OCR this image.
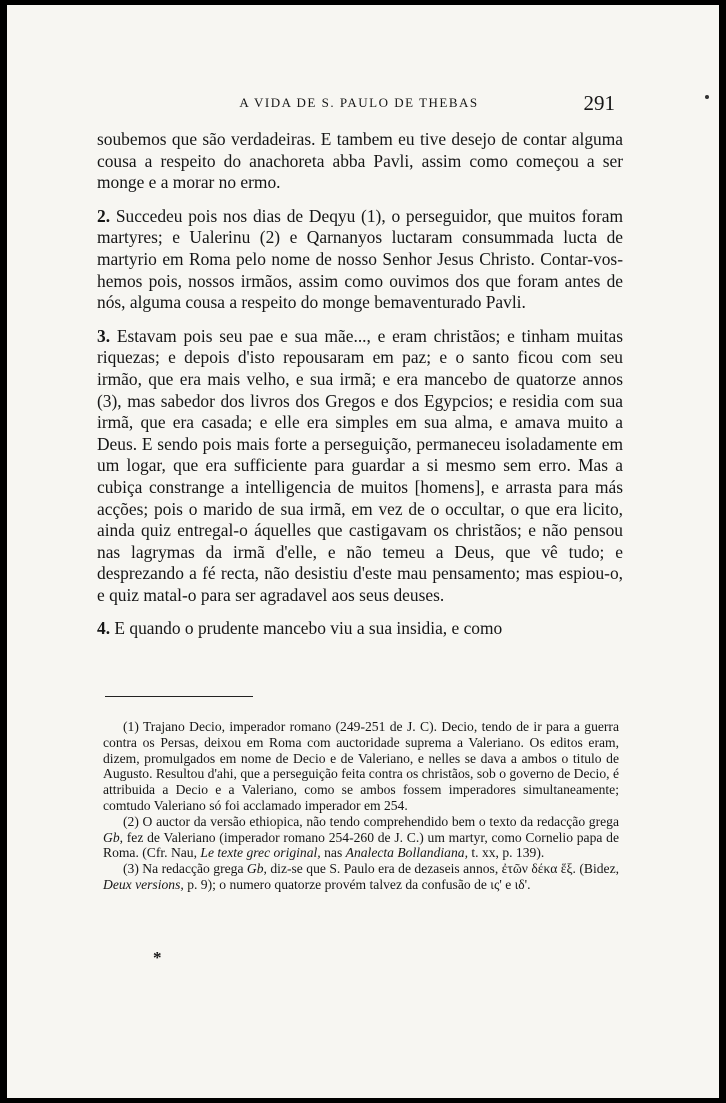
A VIDA DE S. PAULO DE THEBAS	291

soubemos que são verdadeiras. E tambem eu tive desejo de contar alguma cousa a respeito do anachoreta abba Pavli, assim como começou a ser monge e a morar no ermo.

2. Succedeu pois nos dias de Deqyu (1), o perseguidor, que muitos foram martyres; e Ualerinu (2) e Qarnanyos luctaram consummada lucta de martyrio em Roma pelo nome de nosso Senhor Jesus Christo. Contar-vos-hemos pois, nossos irmãos, assim como ouvimos dos que foram antes de nós, alguma cousa a respeito do monge bemaventurado Pavli.

3. Estavam pois seu pae e sua mãe..., e eram christãos; e tinham muitas riquezas; e depois d'isto repousaram em paz; e o santo ficou com seu irmão, que era mais velho, e sua irmã; e era mancebo de quatorze annos (3), mas sabedor dos livros dos Gregos e dos Egypcios; e residia com sua irmã, que era casada; e elle era simples em sua alma, e amava muito a Deus. E sendo pois mais forte a perseguição, permaneceu isoladamente em um logar, que era sufficiente para guardar a si mesmo sem erro. Mas a cubiça constrange a intelligencia de muitos [homens], e arrasta para más acções; pois o marido de sua irmã, em vez de o occultar, o que era licito, ainda quiz entregal-o áquelles que castigavam os christãos; e não pensou nas lagrymas da irmã d'elle, e não temeu a Deus, que vê tudo; e desprezando a fé recta, não desistiu d'este mau pensamento; mas espiou-o, e quiz matal-o para ser agradavel aos seus deuses.

4. E quando o prudente mancebo viu a sua insidia, e como

(1) Trajano Decio, imperador romano (249-251 de J. C). Decio, tendo de ir para a guerra contra os Persas, deixou em Roma com auctoridade suprema a Valeriano. Os editos eram, dizem, promulgados em nome de Decio e de Valeriano, e nelles se dava a ambos o titulo de Augusto. Resultou d'ahi, que a perseguição feita contra os christãos, sob o governo de Decio, é attribuida a Decio e a Valeriano, como se ambos fossem imperadores simultaneamente; comtudo Valeriano só foi acclamado imperador em 254.

(2) O auctor da versão ethiopica, não tendo comprehendido bem o texto da redacção grega Gb, fez de Valeriano (imperador romano 254-260 de J. C.) um martyr, como Cornelio papa de Roma. (Cfr. Nau, Le texte grec original, nas Analecta Bollandiana, t. xx, p. 139).

(3) Na redacção grega Gb, diz-se que S. Paulo era de dezaseis annos, ἐτῶν δέκα ἕξ. (Bidez, Deux versions, p. 9); o numero quatorze provém talvez da confusão de ις' e ιδ'.

*
